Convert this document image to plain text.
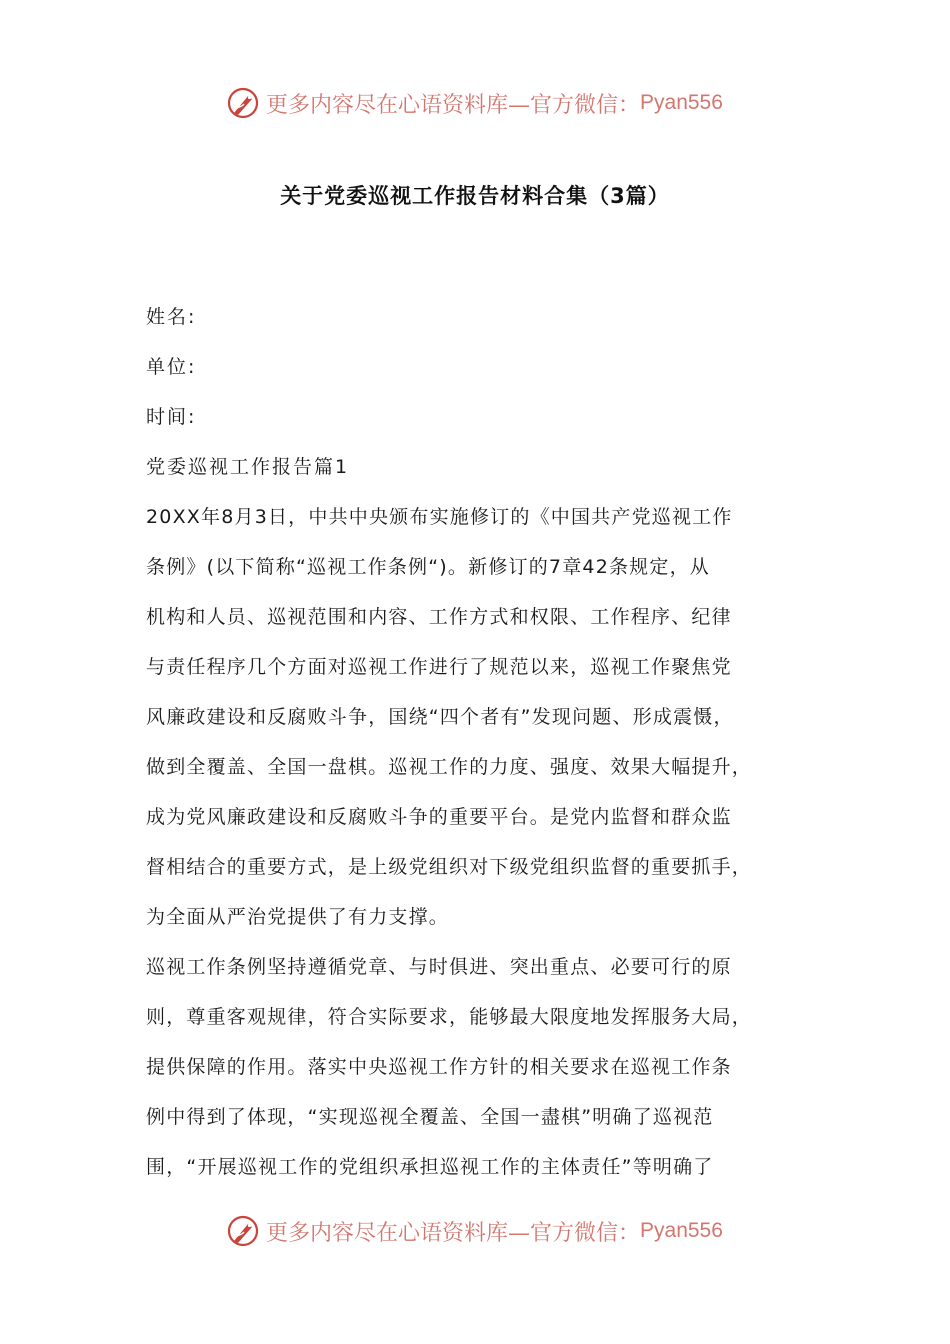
更多内容尽在心语资料库—官方微信： Pyan556
关于党委巡视工作报告材料合集（3篇）
姓名:
单位:
时间:
党委巡视工作报告篇1
20XX年8月3日，中共中央颁布实施修订的《中国共产党巡视工作
条例》(以下简称“巡视工作条例“)。新修订的7章42条规定，从
机构和人员、巡视范围和内容、工作方式和权限、工作程序、纪律
与责任程序几个方面对巡视工作进行了规范以来，巡视工作聚焦党
风廉政建设和反腐败斗争，国绕“四个者有”发现问题、形成震慑，
做到全覆盖、全国一盘棋。巡视工作的力度、强度、效果大幅提升，
成为党风廉政建设和反腐败斗争的重要平台。是党内监督和群众监
督相结合的重要方式，是上级党组织对下级党组织监督的重要抓手，
为全面从严治党提供了有力支撑。
巡视工作条例坚持遵循党章、与时俱进、突出重点、必要可行的原
则，尊重客观规律，符合实际要求，能够最大限度地发挥服务大局，
提供保障的作用。落实中央巡视工作方针的相关要求在巡视工作条
例中得到了体现，“实现巡视全覆盖、全国一盡棋”明确了巡视范
围，“开展巡视工作的党组织承担巡视工作的主体责任”等明确了
更多内容尽在心语资料库—官方微信： Pyan556
